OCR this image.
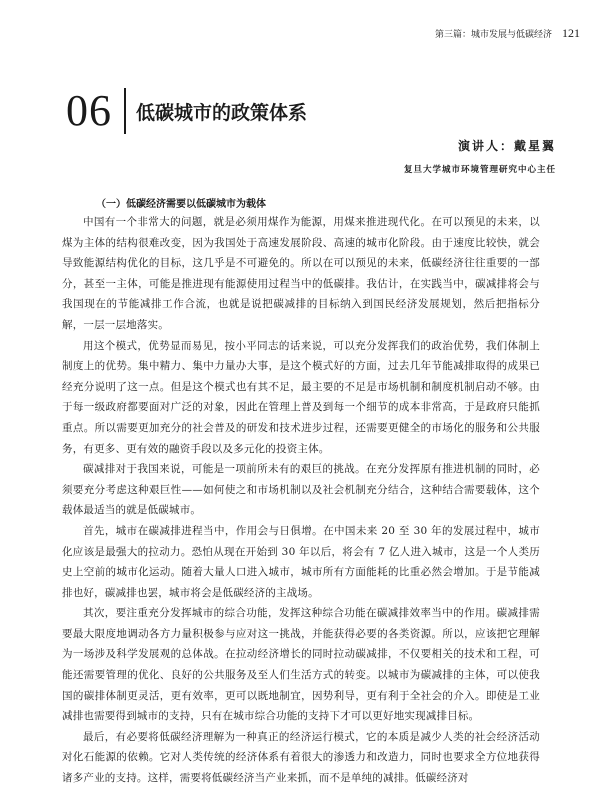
第三篇：城市发展与低碳经济 121
06 低碳城市的政策体系
演讲人：戴星翼
复旦大学城市环境管理研究中心主任
（一）低碳经济需要以低碳城市为载体

中国有一个非常大的问题，就是必须用煤作为能源，用煤来推进现代化。在可以预见的未来，以煤为主体的结构很难改变，因为我国处于高速发展阶段、高速的城市化阶段。由于速度比较快，就会导致能源结构优化的目标，这几乎是不可避免的。所以在可以预见的未来，低碳经济往往重要的一部分，甚至一主体，可能是推进现有能源使用过程当中的低碳排。我估计，在实践当中，碳减排将会与我国现在的节能减排工作合流，也就是说把碳减排的目标纳入到国民经济发展规划，然后把指标分解，一层一层地落实。

用这个模式，优势显而易见，按小平同志的话来说，可以充分发挥我们的政治优势，我们体制上制度上的优势。集中精力、集中力量办大事，是这个模式好的方面，过去几年节能减排取得的成果已经充分说明了这一点。但是这个模式也有其不足，最主要的不足是市场机制和制度机制启动不够。由于每一级政府都要面对广泛的对象，因此在管理上普及到每一个细节的成本非常高，于是政府只能抓重点。所以需要更加充分的社会普及的研发和技术进步过程，还需要更健全的市场化的服务和公共服务，有更多、更有效的融资手段以及多元化的投资主体。

碳减排对于我国来说，可能是一项前所未有的艰巨的挑战。在充分发挥原有推进机制的同时，必须要充分考虑这种艰巨性——如何使之和市场机制以及社会机制充分结合，这种结合需要载体，这个载体最适当的就是低碳城市。

首先，城市在碳减排进程当中，作用会与日俱增。在中国未来 20 至 30 年的发展过程中，城市化应该是最强大的拉动力。恐怕从现在开始到 30 年以后，将会有 7 亿人进入城市，这是一个人类历史上空前的城市化运动。随着大量人口进入城市，城市所有方面能耗的比重必然会增加。于是节能减排也好，碳减排也罢，城市将会是低碳经济的主战场。

其次，要注重充分发挥城市的综合功能，发挥这种综合功能在碳减排效率当中的作用。碳减排需要最大限度地调动各方力量积极参与应对这一挑战，并能获得必要的各类资源。所以，应该把它理解为一场涉及科学发展观的总体战。在拉动经济增长的同时拉动碳减排，不仅要相关的技术和工程，可能还需要管理的优化、良好的公共服务及至人们生活方式的转变。以城市为碳减排的主体，可以使我国的碳排体制更灵活，更有效率，更可以既地制宜，因势利导，更有利于全社会的介入。即使是工业减排也需要得到城市的支持，只有在城市综合功能的支持下才可以更好地实现减排目标。

最后，有必要将低碳经济理解为一种真正的经济运行模式，它的本质是减少人类的社会经济活动对化石能源的依赖。它对人类传统的经济体系有着很大的渗透力和改造力，同时也要求全方位地获得诸多产业的支持。这样，需要将低碳经济当产业来抓，而不是单纯的减排。低碳经济对
